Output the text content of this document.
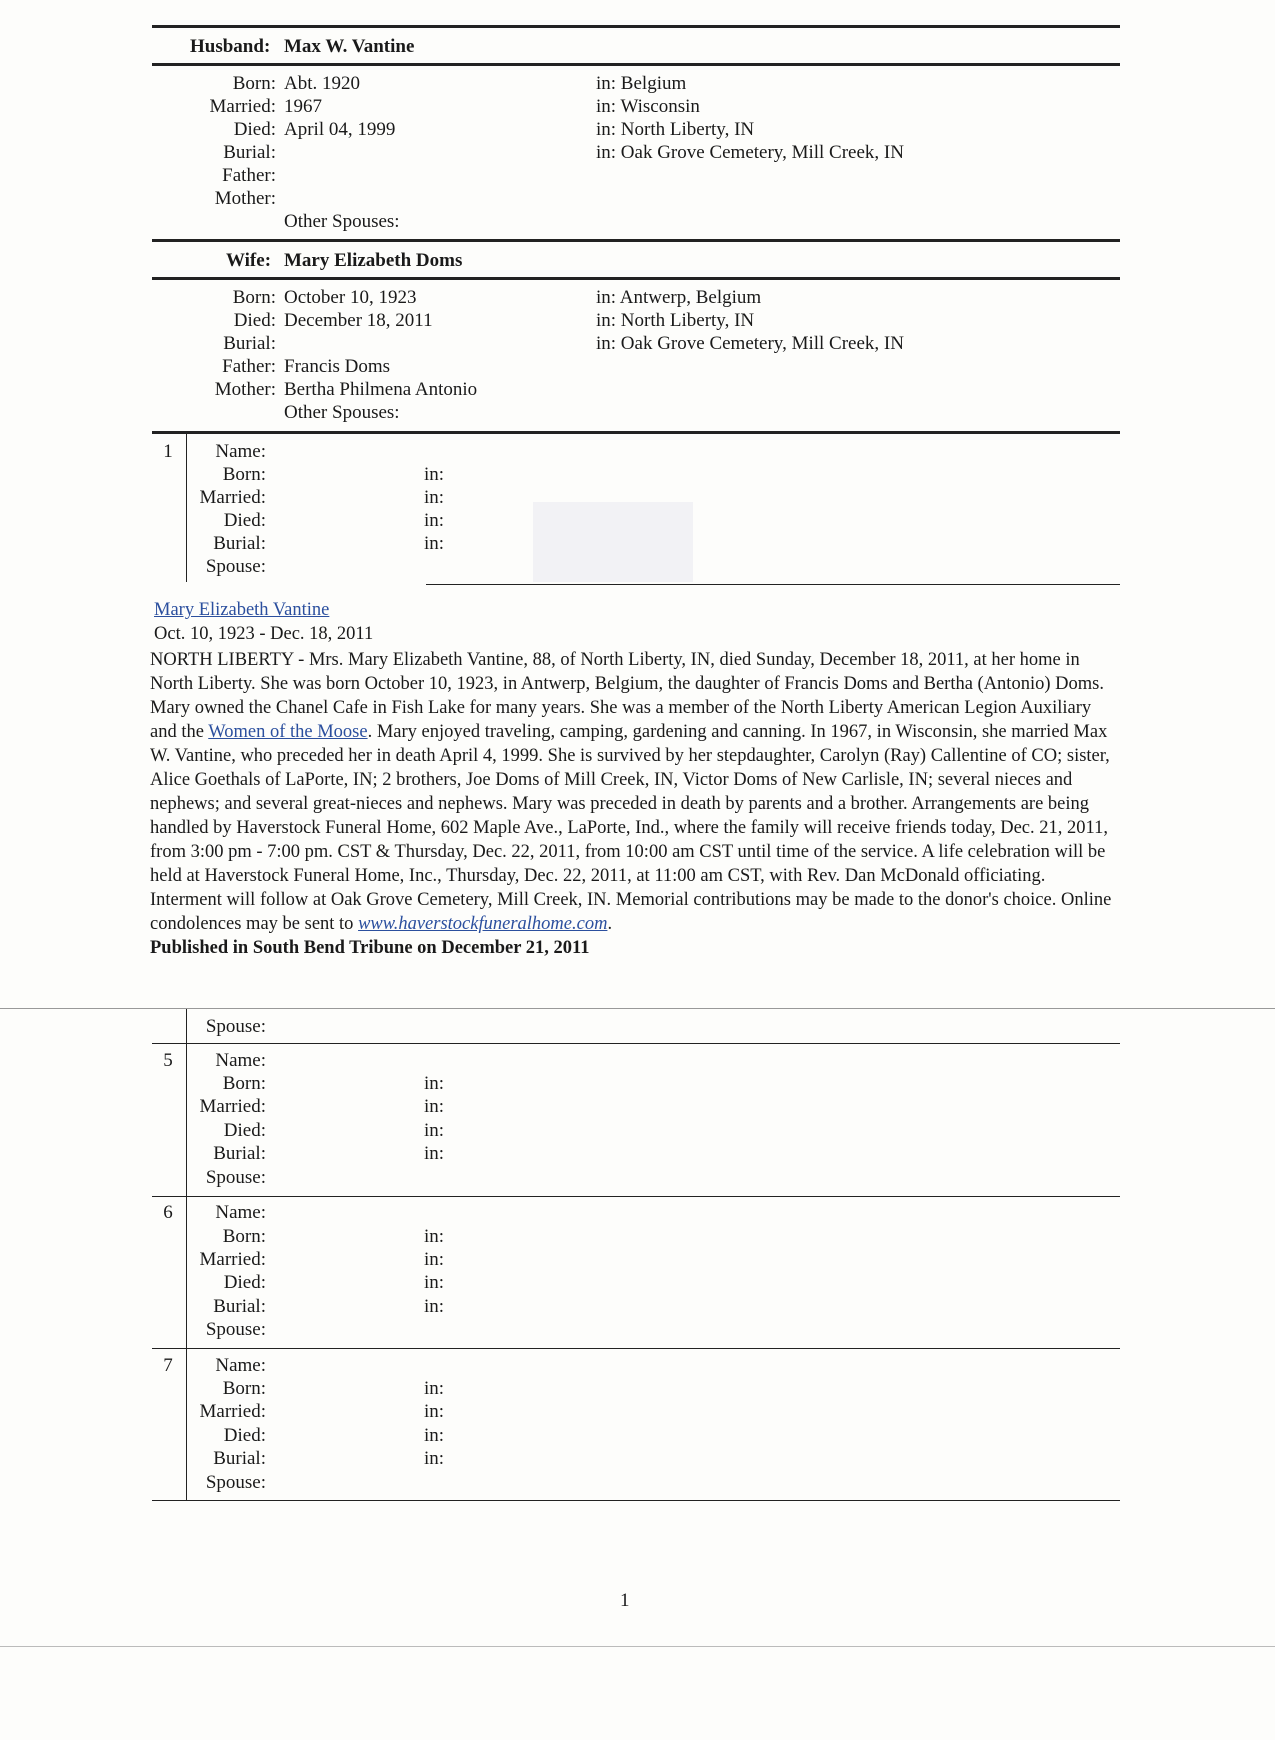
Husband: Max W. Vantine
Born: Abt. 1920	in: Belgium
Married: 1967	in: Wisconsin
Died: April 04, 1999	in: North Liberty, IN
Burial:	in: Oak Grove Cemetery, Mill Creek, IN
Father:
Mother:
Other Spouses:
Wife: Mary Elizabeth Doms
Born: October 10, 1923	in: Antwerp, Belgium
Died: December 18, 2011	in: North Liberty, IN
Burial:	in: Oak Grove Cemetery, Mill Creek, IN
Father: Francis Doms
Mother: Bertha Philmena Antonio
Other Spouses:
1	Name:
Born:	in:
Married:	in:
Died:	in:
Burial:	in:
Spouse:
Mary Elizabeth Vantine
Oct. 10, 1923 - Dec. 18, 2011

NORTH LIBERTY - Mrs. Mary Elizabeth Vantine, 88, of North Liberty, IN, died Sunday, December 18, 2011, at her home in North Liberty. She was born October 10, 1923, in Antwerp, Belgium, the daughter of Francis Doms and Bertha (Antonio) Doms. Mary owned the Chanel Cafe in Fish Lake for many years. She was a member of the North Liberty American Legion Auxiliary and the Women of the Moose. Mary enjoyed traveling, camping, gardening and canning. In 1967, in Wisconsin, she married Max W. Vantine, who preceded her in death April 4, 1999. She is survived by her stepdaughter, Carolyn (Ray) Callentine of CO; sister, Alice Goethals of LaPorte, IN; 2 brothers, Joe Doms of Mill Creek, IN, Victor Doms of New Carlisle, IN; several nieces and nephews; and several great-nieces and nephews. Mary was preceded in death by parents and a brother. Arrangements are being handled by Haverstock Funeral Home, 602 Maple Ave., LaPorte, Ind., where the family will receive friends today, Dec. 21, 2011, from 3:00 pm - 7:00 pm. CST & Thursday, Dec. 22, 2011, from 10:00 am CST until time of the service. A life celebration will be held at Haverstock Funeral Home, Inc., Thursday, Dec. 22, 2011, at 11:00 am CST, with Rev. Dan McDonald officiating. Interment will follow at Oak Grove Cemetery, Mill Creek, IN. Memorial contributions may be made to the donor's choice. Online condolences may be sent to www.haverstockfuneralhome.com.

Published in South Bend Tribune on December 21, 2011

Spouse:
5	Name:
Born:	in:
Married:	in:
Died:	in:
Burial:	in:
Spouse:
6	Name:
Born:	in:
Married:	in:
Died:	in:
Burial:	in:
Spouse:
7	Name:
Born:	in:
Married:	in:
Died:	in:
Burial:	in:
Spouse:
1
